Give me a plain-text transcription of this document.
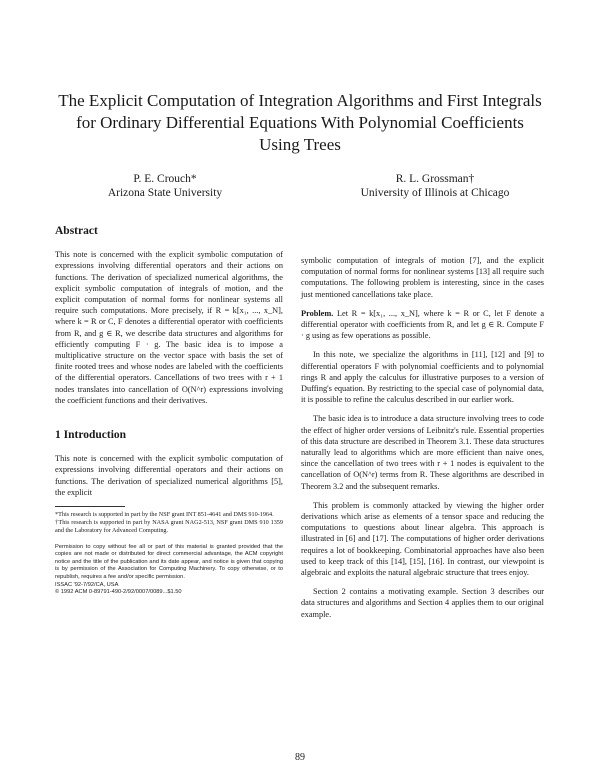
The Explicit Computation of Integration Algorithms and First Integrals for Ordinary Differential Equations With Polynomial Coefficients Using Trees
P. E. Crouch*
Arizona State University
R. L. Grossman†
University of Illinois at Chicago
Abstract

This note is concerned with the explicit symbolic computation of expressions involving differential operators and their actions on functions. The derivation of specialized numerical algorithms, the explicit symbolic computation of integrals of motion, and the explicit computation of normal forms for nonlinear systems all require such computations. More precisely, if R = k[x₁, ..., x_N], where k = R or C, F denotes a differential operator with coefficients from R, and g ∈ R, we describe data structures and algorithms for efficiently computing F · g. The basic idea is to impose a multiplicative structure on the vector space with basis the set of finite rooted trees and whose nodes are labeled with the coefficients of the differential operators. Cancellations of two trees with r + 1 nodes translates into cancellation of O(N^r) expressions involving the coefficient functions and their derivatives.

1 Introduction

This note is concerned with the explicit symbolic computation of expressions involving differential operators and their actions on functions. The derivation of specialized numerical algorithms [5], the explicit

*This research is supported in part by the NSF grant INT 851-4641 and DMS 910-1964.

†This research is supported in part by NASA grant NAG2-513, NSF grant DMS 910 1359 and the Laboratory for Advanced Computing.

Permission to copy without fee all or part of this material is granted provided that the copies are not made or distributed for direct commercial advantage, the ACM copyright notice and the title of the publication and its date appear, and notice is given that copying is by permission of the Association for Computing Machinery. To copy otherwise, or to republish, requires a fee and/or specific permission.

ISSAC '92-7/92/CA, USA

© 1992 ACM 0-89791-490-2/92/0007/0089...$1.50

symbolic computation of integrals of motion [7], and the explicit computation of normal forms for nonlinear systems [13] all require such computations. The following problem is interesting, since in the cases just mentioned cancellations take place.

Problem. Let R = k[x₁, ..., x_N], where k = R or C, let F denote a differential operator with coefficients from R, and let g ∈ R. Compute F · g using as few operations as possible.

In this note, we specialize the algorithms in [11], [12] and [9] to differential operators F with polynomial coefficients and to polynomial rings R and apply the calculus for illustrative purposes to a version of Duffing's equation. By restricting to the special case of polynomial data, it is possible to refine the calculus described in our earlier work.

The basic idea is to introduce a data structure involving trees to code the effect of higher order versions of Leibnitz's rule. Essential properties of this data structure are described in Theorem 3.1. These data structures naturally lead to algorithms which are more efficient than naive ones, since the cancellation of two trees with r + 1 nodes is equivalent to the cancellation of O(N^r) terms from R. These algorithms are described in Theorem 3.2 and the subsequent remarks.

This problem is commonly attacked by viewing the higher order derivations which arise as elements of a tensor space and reducing the computations to questions about linear algebra. This approach is illustrated in [6] and [17]. The computations of higher order derivations requires a lot of bookkeeping. Combinatorial approaches have also been used to keep track of this [14], [15], [16]. In contrast, our viewpoint is algebraic and exploits the natural algebraic structure that trees enjoy.

Section 2 contains a motivating example. Section 3 describes our data structures and algorithms and Section 4 applies them to our original example.

89
